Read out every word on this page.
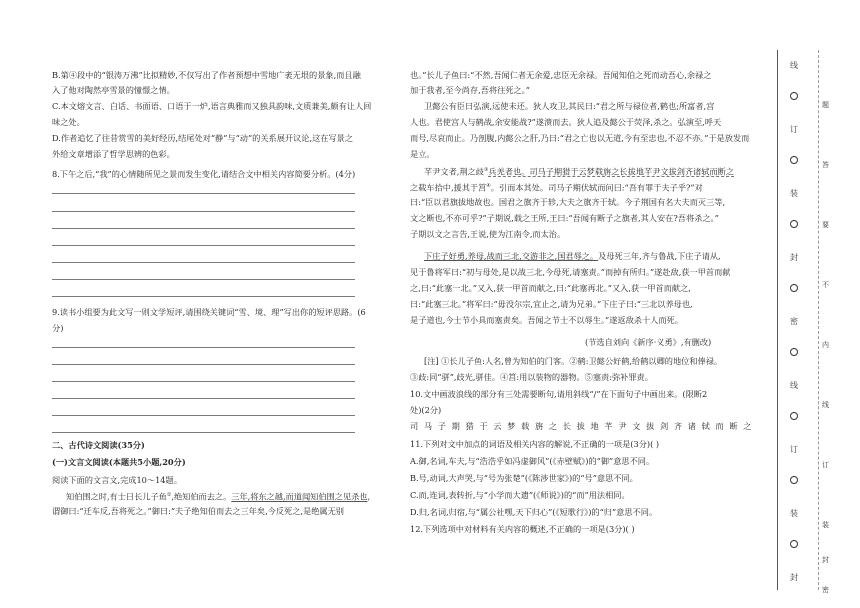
B.第④段中的“银涛万沸”比拟精妙,不仅写出了作者预想中雪地广袤无垠的景象,而且融
入了他对陶然亭雪景的憧憬之情。
C.本文熔文言、白话、书面语、口语于一炉,语言典雅而又独具韵味,文质兼美,颇有让人回
味之处。
D.作者追忆了往昔赏雪的美好经历,结尾处对“静”与“动”的关系展开议论,这在写景之
外给文章增添了哲学思辨的色彩。
8.下午之后,“我”的心情随所见之景而发生变化,请结合文中相关内容简要分析。(4分)
9.读书小组要为此文写一则文学短评,请围绕关键词“雪、境、理”写出你的短评思路。(6
分)
二、古代诗文阅读(35分)
(一)文言文阅读(本题共5小题,20分)
阅读下面的文言文,完成10～14题。
知伯围之时,有士曰长儿子鱼①,绝知伯而去之。三年,将东之越,而道闻知伯围之见杀也,
谓御曰:“迁车反,吾将死之。”御曰:“夫子绝知伯而去之三年矣,今反死之,是绝属无别
也。”长儿子鱼曰:“不然,吾闻仁者无余爱,忠臣无余禄。吾闻知伯之死而动吾心,余禄之
加于我者,至今尚存,吾将往死之。”
卫懿公有臣曰弘演,远使未还。狄人攻卫,其民曰:“君之所与禄位者,鹤也;所富者,宫
人也。君使宫人与鹤战,余安能战?”遂溃而去。狄人追及懿公于荧泽,杀之。弘演至,呼天
而号,尽哀而止。乃剖腹,内懿公之肝,乃曰:“君之亡也以无道,今有至忠也,不忍不亦。”于是放发而
是立。
芊尹文者,荆之歧③兵羌者也。司马子期猎于云梦载旃之长拔地芊尹文拔剑齐诸轼而断之
之载车拾中,援其于筥④。引而本其处。司马子期伏轼而问曰:“吾有罪于夫子乎?”对
曰:“臣以君旗拔地故也。国君之旗齐于轸,大夫之旗齐于轼。今子荆国有名大夫而灭三等,
文之断也,不亦可乎?”子期说,载之王所,王曰:“吾闻有断子之旗者,其人安在?吾将杀之。”
子期以文之言告,王说,使为江南令,而太治。
下庄子好勇,养母,战而三北,交游非之,国君辱之。及母死三年,齐与鲁战,下庄子请从,
见于鲁将军曰:“初与母处,是以战三北,今母死,请塞责。”而掉有所归。”遂赴敌,获一甲首而献
之,曰:“此塞一北。”又入,获一甲首而献之,曰:“此塞再北。”又入,获一甲首而献之,
曰:“此塞三北。”将军曰:“毋没尔宗,宜止之,请为兄弟。”下庄子曰:“三北以养母也,
是子道也,今士节小具而塞责矣。吾闻之节士不以辱生。”遂返敌杀十人而死。
(节选自刘向《新序·义勇》,有删改)
[注] ①长儿子鱼:人名,曾为知伯的门客。②鹤:卫懿公好鹤,给鹤以卿的地位和俸禄。
③歧:同“骈”,歧光,骈佳。④筥:用以装物的器物。⑤塞责:弥补罪责。
10.文中画波浪线的部分有三处需要断句,请用斜线“/”在下面句子中画出来。(限断2
处)(2分)
司马子期猎于云梦载旃之长拔地芊尹文拔剑齐诸轼而断之
11.下列对文中加点的词语及相关内容的解说,不正确的一项是(3分)( )
A.御,名词,车夫,与“浩浩乎如冯虚御风”(《赤壁赋》)的“御”意思不同。
B.号,动词,大声哭,与“号为张楚”(《陈涉世家》)的“号”意思不同。
C.而,连词,表转折,与“小学而大遗”(《师说》)的“而”用法相同。
D.归,名词,归宿,与“属公社嘿,天下归心”(《短歌行》)的“归”意思不同。
12.下列选项中对材料有关内容的概述,不正确的一项是(3分)( )
线
订
装
封
密
线
订
装
封
题
答
要
不
内
线
订
装
封
密
